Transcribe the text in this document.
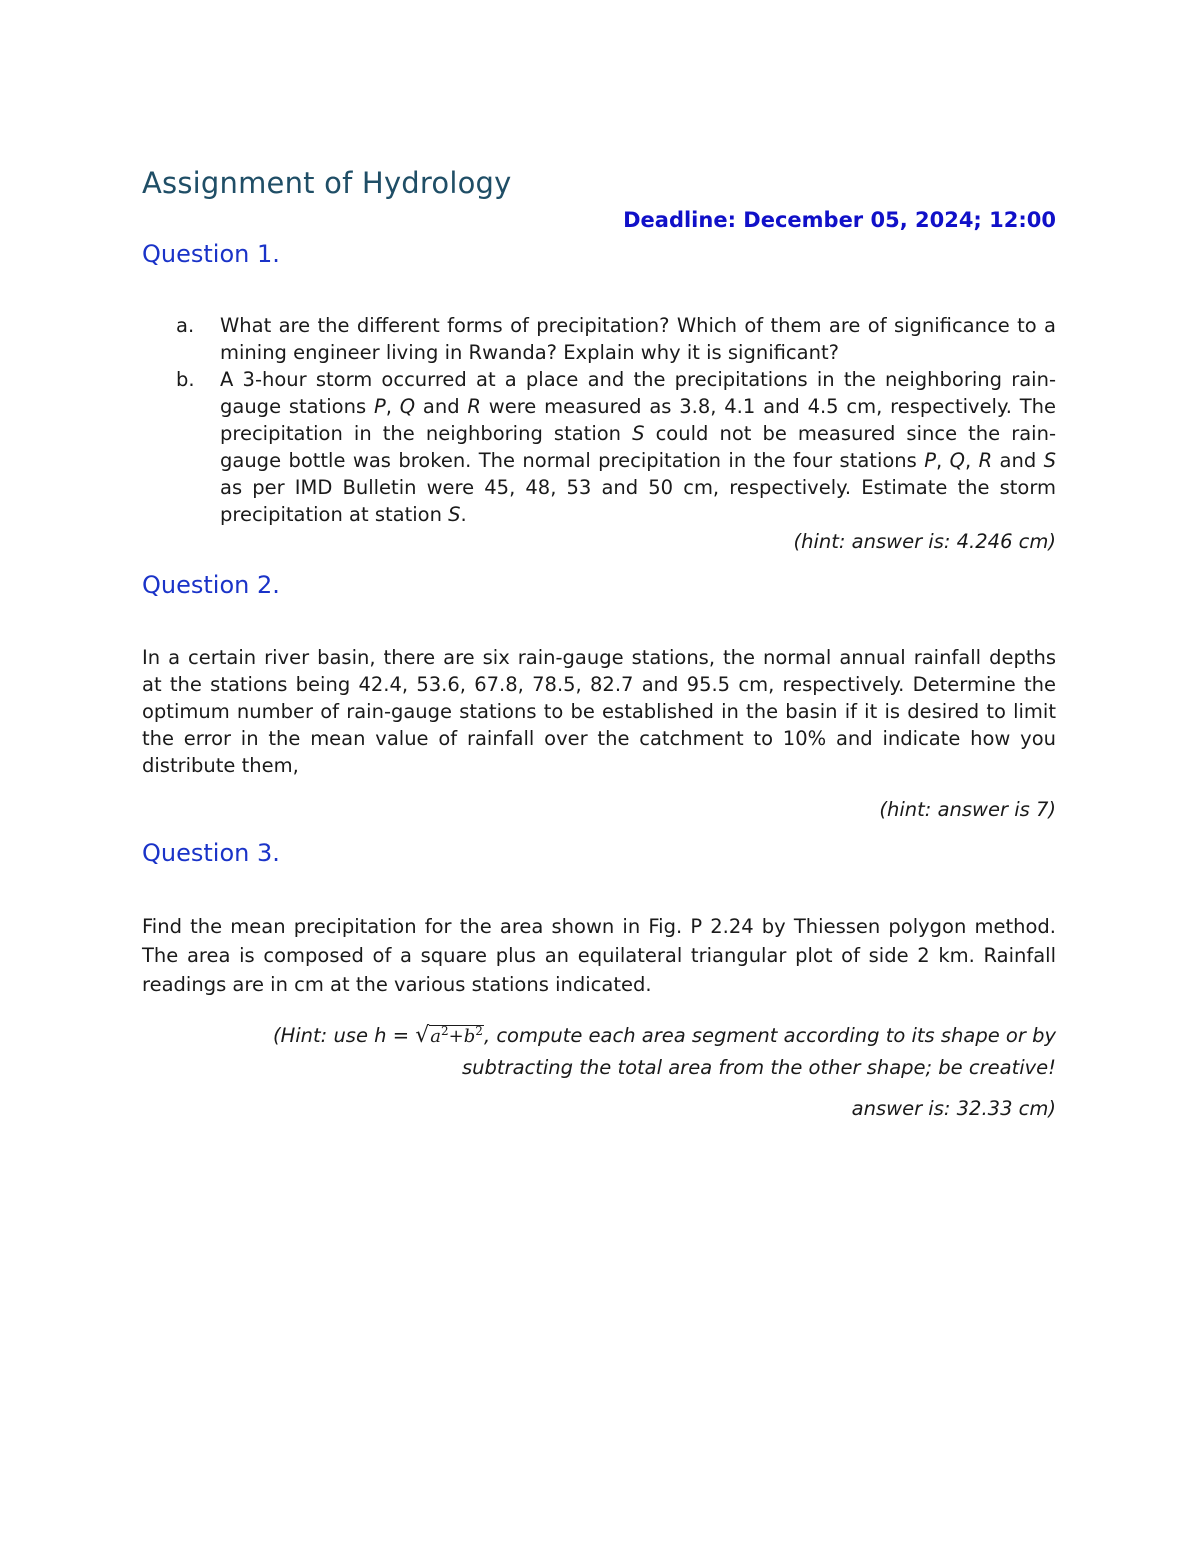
Assignment of Hydrology
Deadline: December 05, 2024; 12:00
Question 1.
a.	What are the different forms of precipitation? Which of them are of significance to a mining engineer living in Rwanda? Explain why it is significant?
b.	A 3-hour storm occurred at a place and the precipitations in the neighboring rain-gauge stations P, Q and R were measured as 3.8, 4.1 and 4.5 cm, respectively. The precipitation in the neighboring station S could not be measured since the rain-gauge bottle was broken. The normal precipitation in the four stations P, Q, R and S as per IMD Bulletin were 45, 48, 53 and 50 cm, respectively. Estimate the storm precipitation at station S.
(hint: answer is: 4.246 cm)
Question 2.

In a certain river basin, there are six rain-gauge stations, the normal annual rainfall depths at the stations being 42.4, 53.6, 67.8, 78.5, 82.7 and 95.5 cm, respectively. Determine the optimum number of rain-gauge stations to be established in the basin if it is desired to limit the error in the mean value of rainfall over the catchment to 10% and indicate how you

distribute them,

(hint: answer is 7)
Question 3.

Find the mean precipitation for the area shown in Fig. P 2.24 by Thiessen polygon method. The area is composed of a square plus an equilateral triangular plot of side 2 km. Rainfall readings are in cm at the various stations indicated.

(Hint: use $h = √a^2+b^2$, compute each area segment according to its shape or by
subtracting the total area from the other shape; be creative!
answer is: 32.33 cm)
